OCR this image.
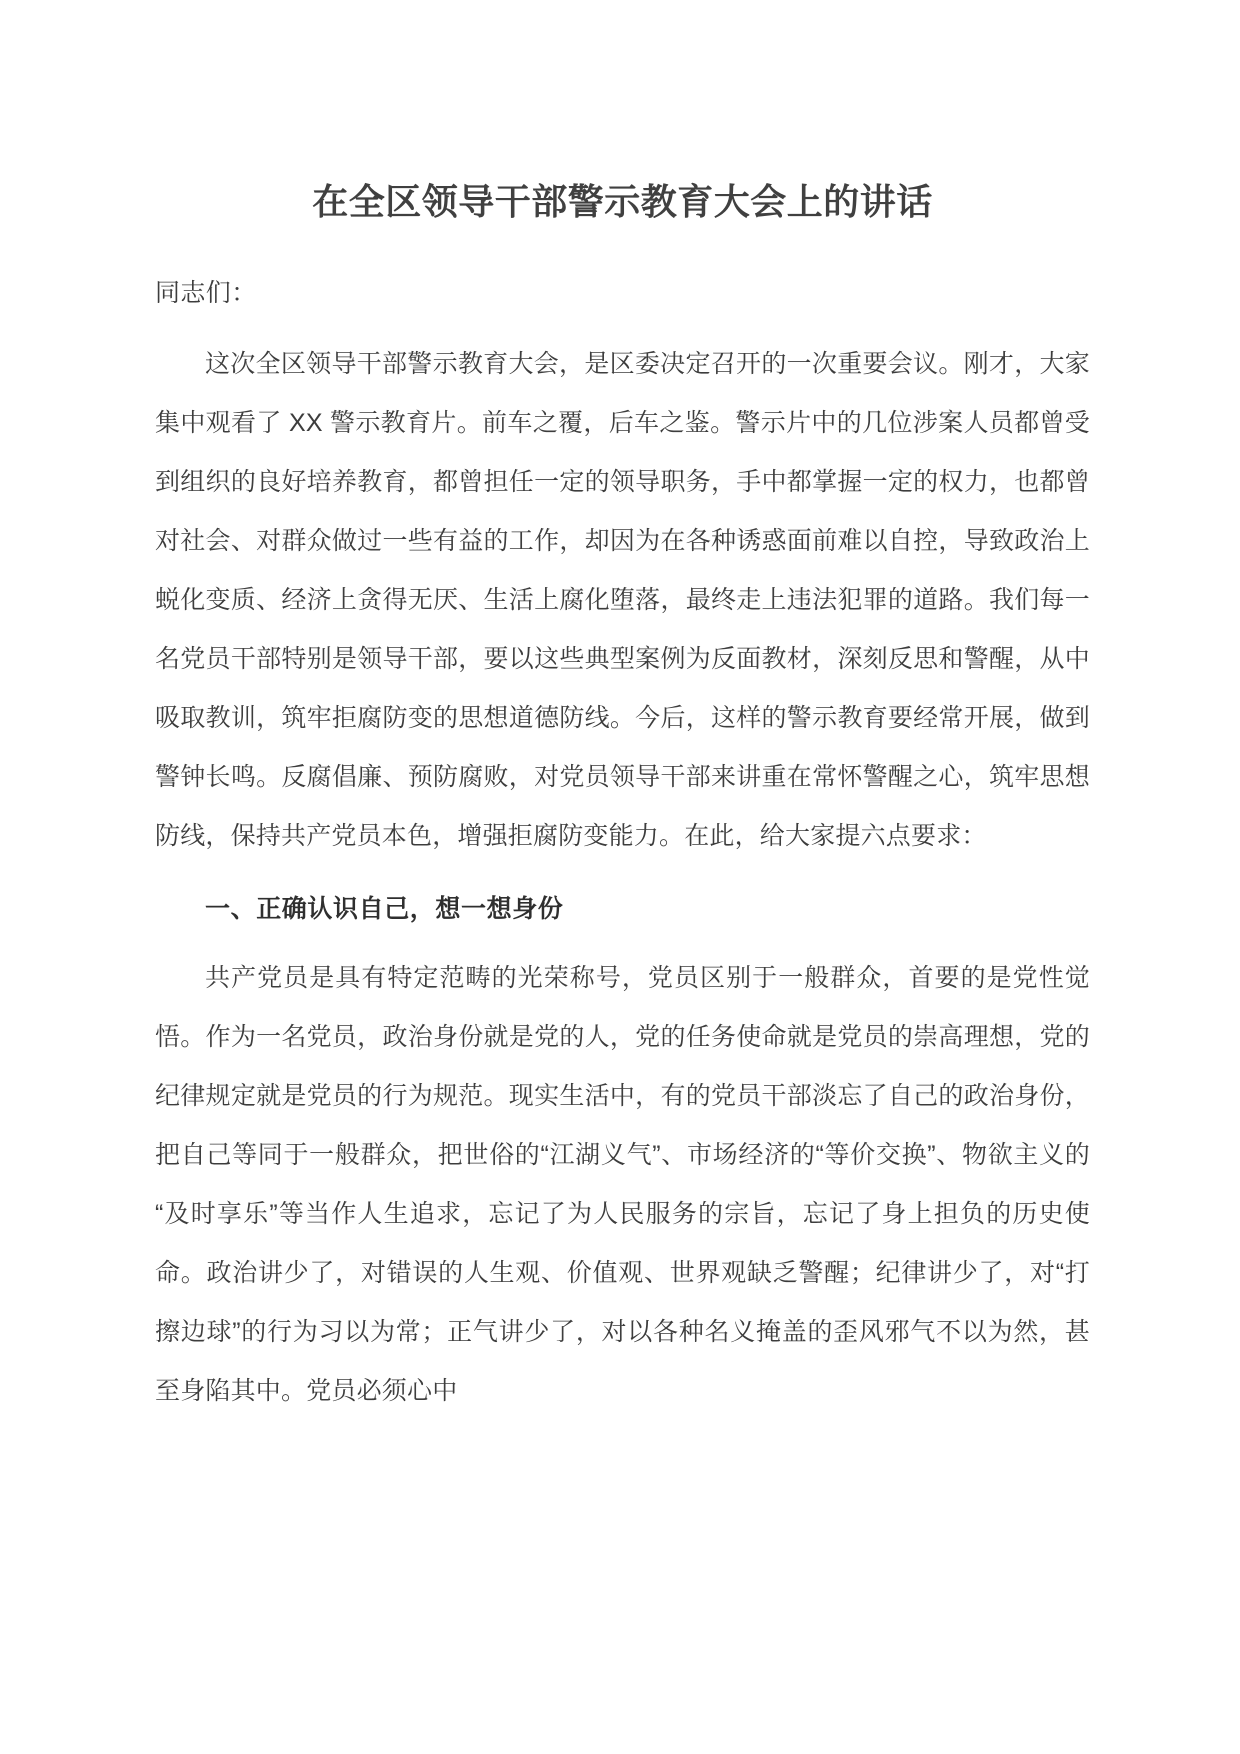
在全区领导干部警示教育大会上的讲话

同志们：

这次全区领导干部警示教育大会，是区委决定召开的一次重要会议。刚才，大家集中观看了 XX 警示教育片。前车之覆，后车之鉴。警示片中的几位涉案人员都曾受到组织的良好培养教育，都曾担任一定的领导职务，手中都掌握一定的权力，也都曾对社会、对群众做过一些有益的工作，却因为在各种诱惑面前难以自控，导致政治上蜕化变质、经济上贪得无厌、生活上腐化堕落，最终走上违法犯罪的道路。我们每一名党员干部特别是领导干部，要以这些典型案例为反面教材，深刻反思和警醒，从中吸取教训，筑牢拒腐防变的思想道德防线。今后，这样的警示教育要经常开展，做到警钟长鸣。反腐倡廉、预防腐败，对党员领导干部来讲重在常怀警醒之心，筑牢思想防线，保持共产党员本色，增强拒腐防变能力。在此，给大家提六点要求：

一、正确认识自己，想一想身份

共产党员是具有特定范畴的光荣称号，党员区别于一般群众，首要的是党性觉悟。作为一名党员，政治身份就是党的人，党的任务使命就是党员的崇高理想，党的纪律规定就是党员的行为规范。现实生活中，有的党员干部淡忘了自己的政治身份，把自己等同于一般群众，把世俗的“江湖义气”、市场经济的“等价交换”、物欲主义的“及时享乐”等当作人生追求，忘记了为人民服务的宗旨，忘记了身上担负的历史使命。政治讲少了，对错误的人生观、价值观、世界观缺乏警醒；纪律讲少了，对“打擦边球”的行为习以为常；正气讲少了，对以各种名义掩盖的歪风邪气不以为然，甚至身陷其中。党员必须心中
